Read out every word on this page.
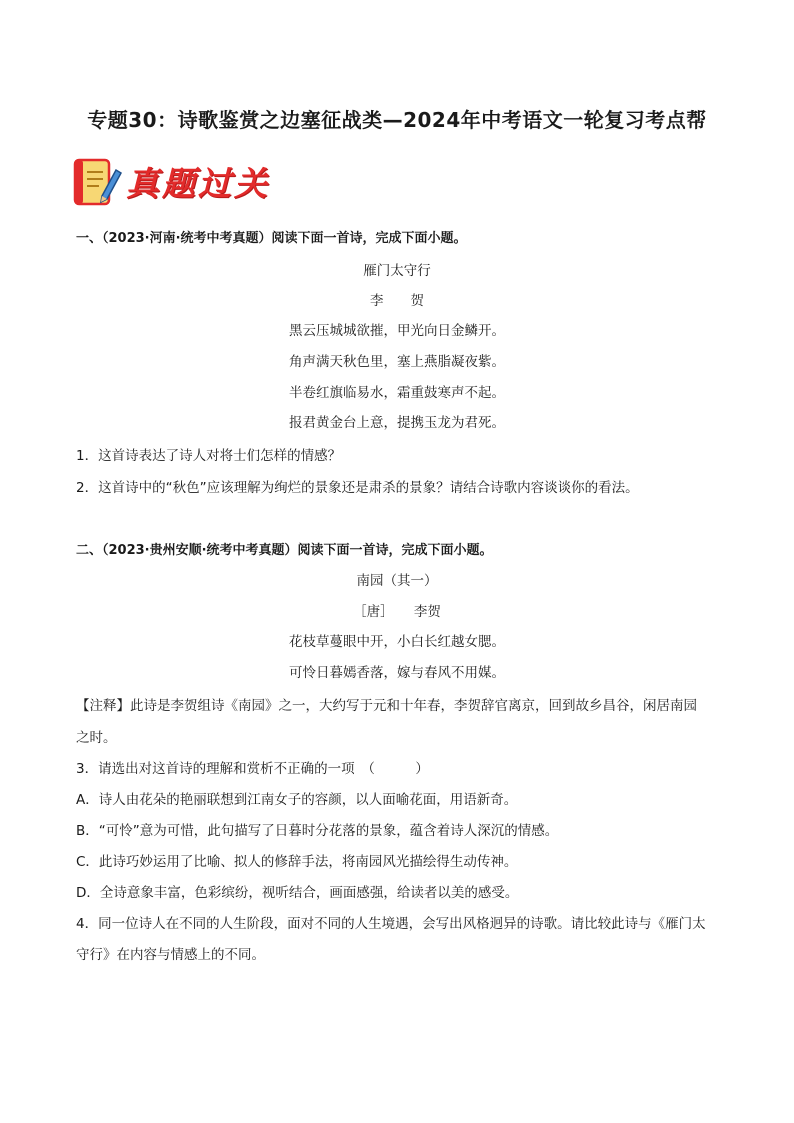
专题30：诗歌鉴赏之边塞征战类—2024年中考语文一轮复习考点帮
真题过关
一、（2023·河南·统考中考真题）阅读下面一首诗，完成下面小题。
雁门太守行
李　　贺
黑云压城城欲摧，甲光向日金鳞开。
角声满天秋色里，塞上燕脂凝夜紫。
半卷红旗临易水，霜重鼓寒声不起。
报君黄金台上意，提携玉龙为君死。
1．这首诗表达了诗人对将士们怎样的情感？
2．这首诗中的“秋色”应该理解为绚烂的景象还是肃杀的景象？请结合诗歌内容谈谈你的看法。
二、（2023·贵州安顺·统考中考真题）阅读下面一首诗，完成下面小题。
南园（其一）
［唐］　　李贺
花枝草蔓眼中开，小白长红越女腮。
可怜日暮嫣香落，嫁与春风不用媒。
【注释】此诗是李贺组诗《南园》之一，大约写于元和十年春，李贺辞官离京，回到故乡昌谷，闲居南园
之时。
3．请选出对这首诗的理解和赏析不正确的一项　（　　　）
A．诗人由花朵的艳丽联想到江南女子的容颜，以人面喻花面，用语新奇。
B．“可怜”意为可惜，此句描写了日暮时分花落的景象，蕴含着诗人深沉的情感。
C．此诗巧妙运用了比喻、拟人的修辞手法，将南园风光描绘得生动传神。
D．全诗意象丰富，色彩缤纷，视听结合，画面感强，给读者以美的感受。
4．同一位诗人在不同的人生阶段，面对不同的人生境遇，会写出风格迥异的诗歌。请比较此诗与《雁门太
守行》在内容与情感上的不同。
